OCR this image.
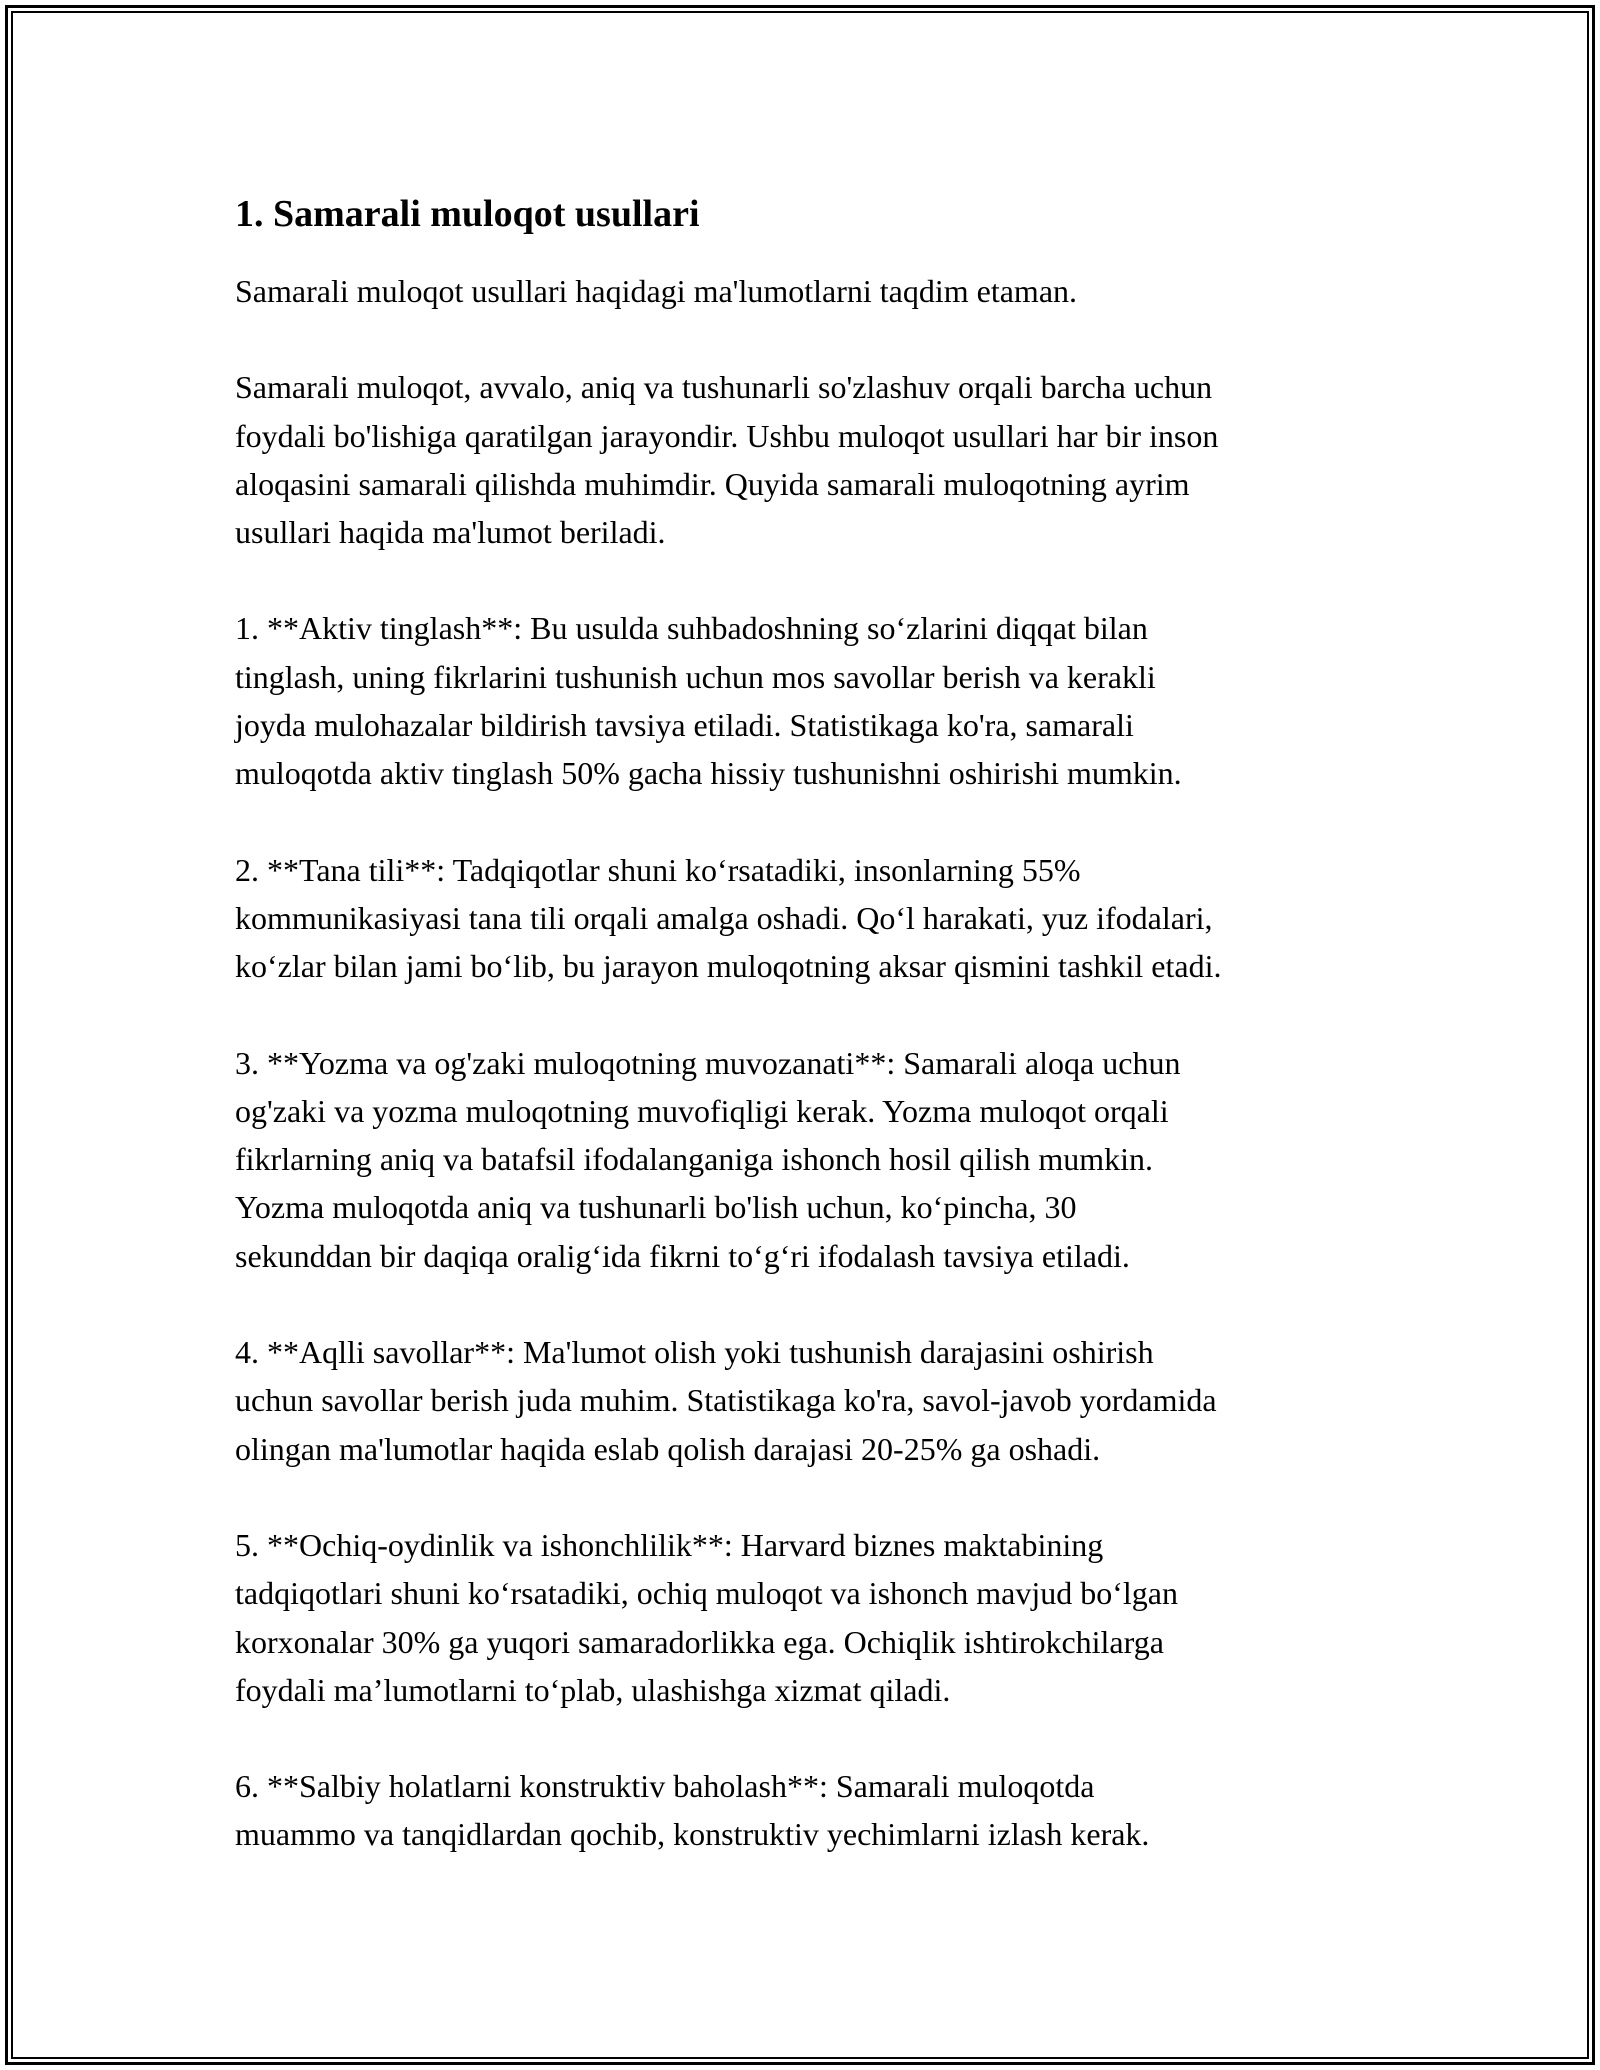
1. Samarali muloqot usullari

Samarali muloqot usullari haqidagi ma'lumotlarni taqdim etaman.

Samarali muloqot, avvalo, aniq va tushunarli so'zlashuv orqali barcha uchun
foydali bo'lishiga qaratilgan jarayondir. Ushbu muloqot usullari har bir inson
aloqasini samarali qilishda muhimdir. Quyida samarali muloqotning ayrim
usullari haqida ma'lumot beriladi.

1. **Aktiv tinglash**: Bu usulda suhbadoshning so‘zlarini diqqat bilan
tinglash, uning fikrlarini tushunish uchun mos savollar berish va kerakli
joyda mulohazalar bildirish tavsiya etiladi. Statistikaga ko'ra, samarali
muloqotda aktiv tinglash 50% gacha hissiy tushunishni oshirishi mumkin.

2. **Tana tili**: Tadqiqotlar shuni ko‘rsatadiki, insonlarning 55%
kommunikasiyasi tana tili orqali amalga oshadi. Qo‘l harakati, yuz ifodalari,
ko‘zlar bilan jami bo‘lib, bu jarayon muloqotning aksar qismini tashkil etadi.

3. **Yozma va og'zaki muloqotning muvozanati**: Samarali aloqa uchun
og'zaki va yozma muloqotning muvofiqligi kerak. Yozma muloqot orqali
fikrlarning aniq va batafsil ifodalanganiga ishonch hosil qilish mumkin.
Yozma muloqotda aniq va tushunarli bo'lish uchun, ko‘pincha, 30
sekunddan bir daqiqa oralig‘ida fikrni to‘g‘ri ifodalash tavsiya etiladi.

4. **Aqlli savollar**: Ma'lumot olish yoki tushunish darajasini oshirish
uchun savollar berish juda muhim. Statistikaga ko'ra, savol-javob yordamida
olingan ma'lumotlar haqida eslab qolish darajasi 20-25% ga oshadi.

5. **Ochiq-oydinlik va ishonchlilik**: Harvard biznes maktabining
tadqiqotlari shuni ko‘rsatadiki, ochiq muloqot va ishonch mavjud bo‘lgan
korxonalar 30% ga yuqori samaradorlikka ega. Ochiqlik ishtirokchilarga
foydali ma’lumotlarni to‘plab, ulashishga xizmat qiladi.

6. **Salbiy holatlarni konstruktiv baholash**: Samarali muloqotda
muammo va tanqidlardan qochib, konstruktiv yechimlarni izlash kerak.
